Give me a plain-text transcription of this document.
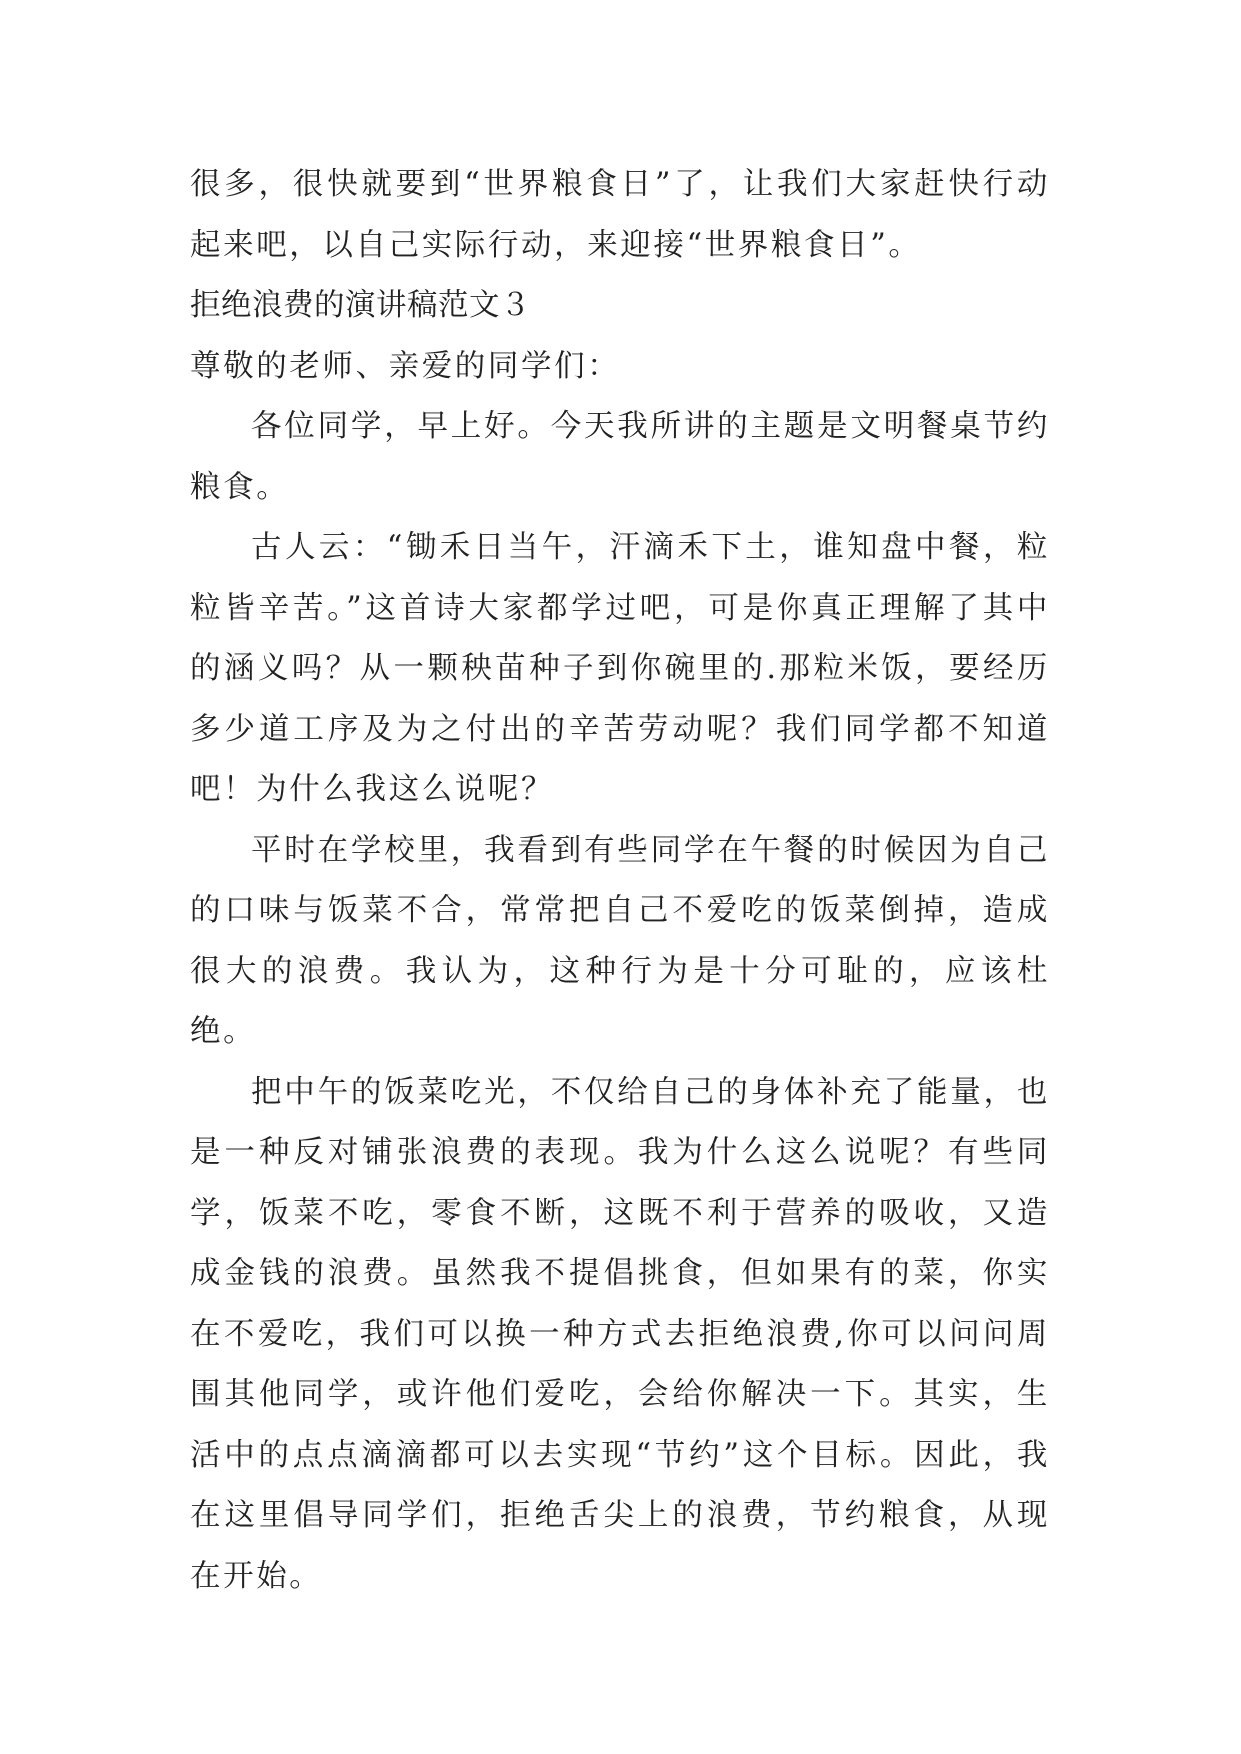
很多，很快就要到“世界粮食日”了，让我们大家赶快行动起来吧，以自己实际行动，来迎接“世界粮食日”。

拒绝浪费的演讲稿范文３

尊敬的老师、亲爱的同学们：

各位同学，早上好。今天我所讲的主题是文明餐桌节约粮食。

古人云：“锄禾日当午，汗滴禾下土，谁知盘中餐，粒粒皆辛苦。”这首诗大家都学过吧，可是你真正理解了其中的涵义吗？从一颗秧苗种子到你碗里的.那粒米饭，要经历多少道工序及为之付出的辛苦劳动呢？我们同学都不知道吧！为什么我这么说呢？

平时在学校里，我看到有些同学在午餐的时候因为自己的口味与饭菜不合，常常把自己不爱吃的饭菜倒掉，造成很大的浪费。我认为，这种行为是十分可耻的，应该杜绝。

把中午的饭菜吃光，不仅给自己的身体补充了能量，也是一种反对铺张浪费的表现。我为什么这么说呢？有些同学，饭菜不吃，零食不断，这既不利于营养的吸收，又造成金钱的浪费。虽然我不提倡挑食，但如果有的菜，你实在不爱吃，我们可以换一种方式去拒绝浪费,你可以问问周围其他同学，或许他们爱吃，会给你解决一下。其实，生活中的点点滴滴都可以去实现“节约”这个目标。因此，我在这里倡导同学们，拒绝舌尖上的浪费，节约粮食，从现在开始。
